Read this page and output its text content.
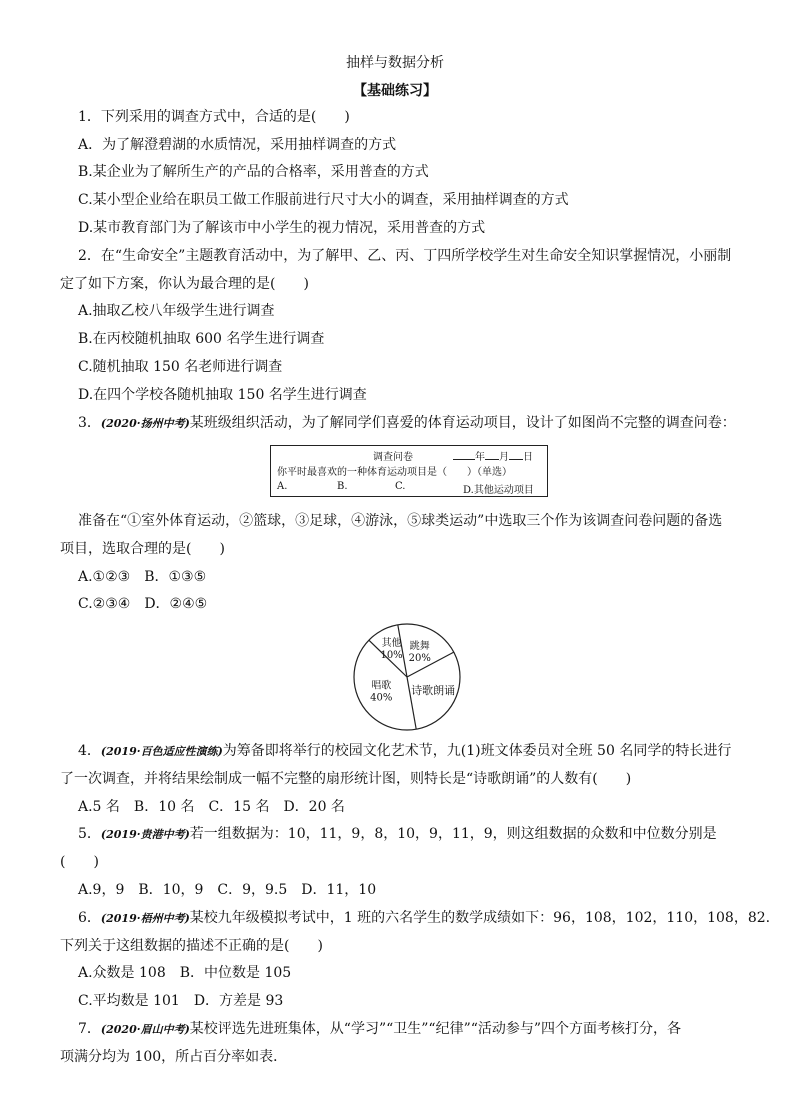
抽样与数据分析
【基础练习】
1．下列采用的调查方式中，合适的是(　　)
A．为了解澄碧湖的水质情况，采用抽样调查的方式
B.某企业为了解所生产的产品的合格率，采用普查的方式
C.某小型企业给在职员工做工作服前进行尺寸大小的调查，采用抽样调查的方式
D.某市教育部门为了解该市中小学生的视力情况，采用普查的方式
2．在“生命安全”主题教育活动中，为了解甲、乙、丙、丁四所学校学生对生命安全知识掌握情况，小丽制
定了如下方案，你认为最合理的是(　　)
A.抽取乙校八年级学生进行调查
B.在丙校随机抽取 600 名学生进行调查
C.随机抽取 150 名老师进行调查
D.在四个学校各随机抽取 150 名学生进行调查
3．(2020·扬州中考)某班级组织活动，为了解同学们喜爱的体育运动项目，设计了如图尚不完整的调查问卷：
调查问卷	年 月 日
你平时最喜欢的一种体育运动项目是（　　）（单选）
A.	B.	C.	D.其他运动项目
准备在“①室外体育运动，②篮球，③足球，④游泳，⑤球类运动”中选取三个作为该调查问卷问题的备选
项目，选取合理的是(　　)
A.①②③　B．①③⑤
C.②③④　D．②④⑤
跳舞
20%
诗歌朗诵
唱歌
40%
其他
10%
4．(2019·百色适应性演练)为筹备即将举行的校园文化艺术节，九(1)班文体委员对全班 50 名同学的特长进行
了一次调查，并将结果绘制成一幅不完整的扇形统计图，则特长是“诗歌朗诵”的人数有(　　)
A.5 名　B．10 名　C．15 名　D．20 名
5．(2019·贵港中考)若一组数据为：10，11，9，8，10，9，11，9，则这组数据的众数和中位数分别是
(　　)
A.9，9　B．10，9　C．9，9.5　D．11，10
6．(2019·梧州中考)某校九年级模拟考试中，1 班的六名学生的数学成绩如下：96，108，102，110，108，82.
下列关于这组数据的描述不正确的是(　　)
A.众数是 108　B．中位数是 105
C.平均数是 101　D．方差是 93
7．(2020·眉山中考)某校评选先进班集体，从“学习”“卫生”“纪律”“活动参与”四个方面考核打分，各
项满分均为 100，所占百分率如表．
